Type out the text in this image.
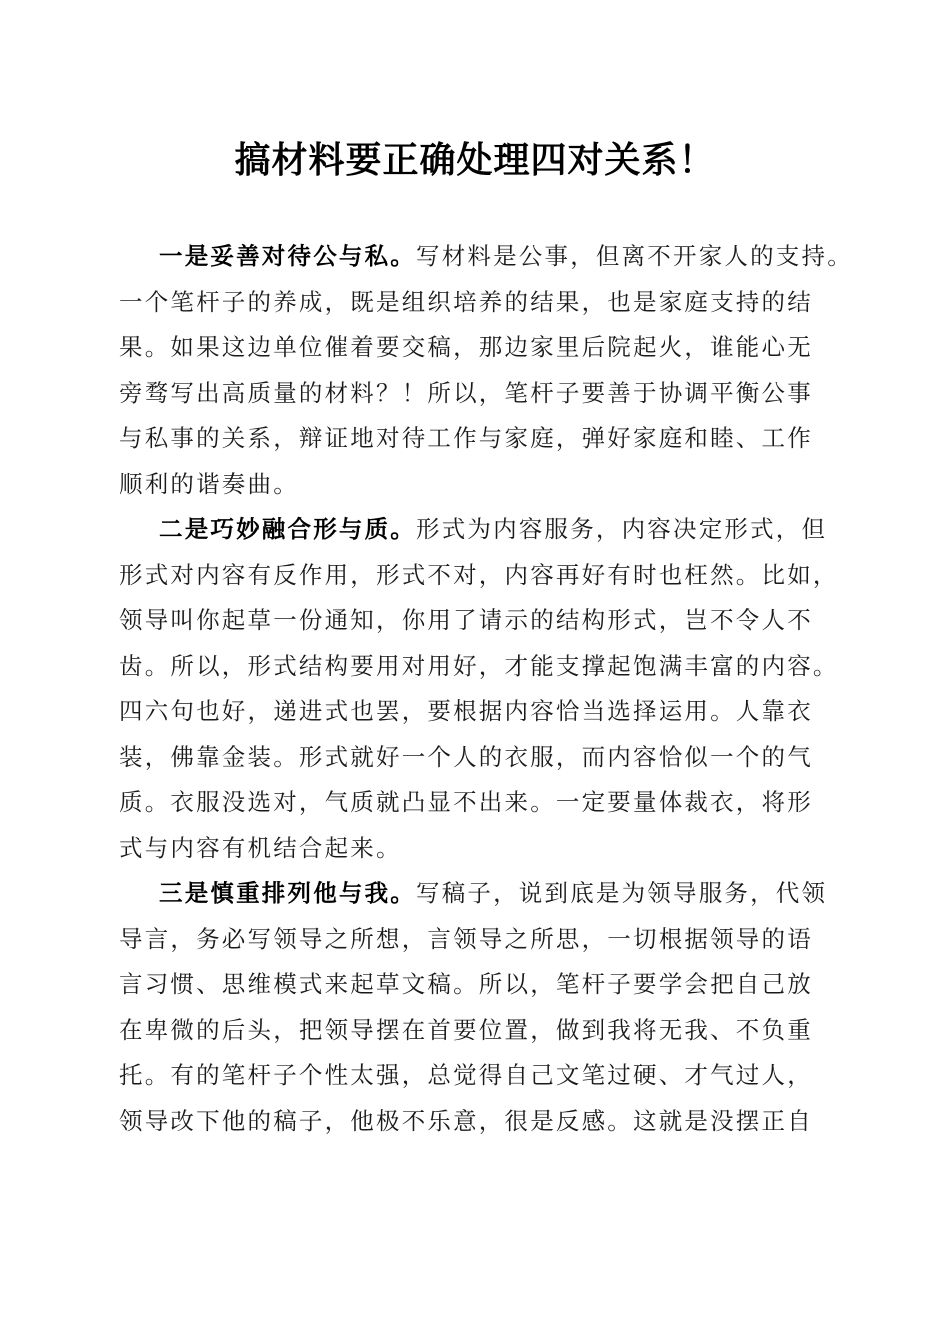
搞材料要正确处理四对关系！
一是妥善对待公与私。写材料是公事，但离不开家人的支持。
一个笔杆子的养成，既是组织培养的结果，也是家庭支持的结
果。如果这边单位催着要交稿，那边家里后院起火，谁能心无
旁骛写出高质量的材料？！所以，笔杆子要善于协调平衡公事
与私事的关系，辩证地对待工作与家庭，弹好家庭和睦、工作
顺利的谐奏曲。
二是巧妙融合形与质。形式为内容服务，内容决定形式，但
形式对内容有反作用，形式不对，内容再好有时也枉然。比如，
领导叫你起草一份通知，你用了请示的结构形式，岂不令人不
齿。所以，形式结构要用对用好，才能支撑起饱满丰富的内容。
四六句也好，递进式也罢，要根据内容恰当选择运用。人靠衣
装，佛靠金装。形式就好一个人的衣服，而内容恰似一个的气
质。衣服没选对，气质就凸显不出来。一定要量体裁衣，将形
式与内容有机结合起来。
三是慎重排列他与我。写稿子，说到底是为领导服务，代领
导言，务必写领导之所想，言领导之所思，一切根据领导的语
言习惯、思维模式来起草文稿。所以，笔杆子要学会把自己放
在卑微的后头，把领导摆在首要位置，做到我将无我、不负重
托。有的笔杆子个性太强，总觉得自己文笔过硬、才气过人，
领导改下他的稿子，他极不乐意，很是反感。这就是没摆正自
